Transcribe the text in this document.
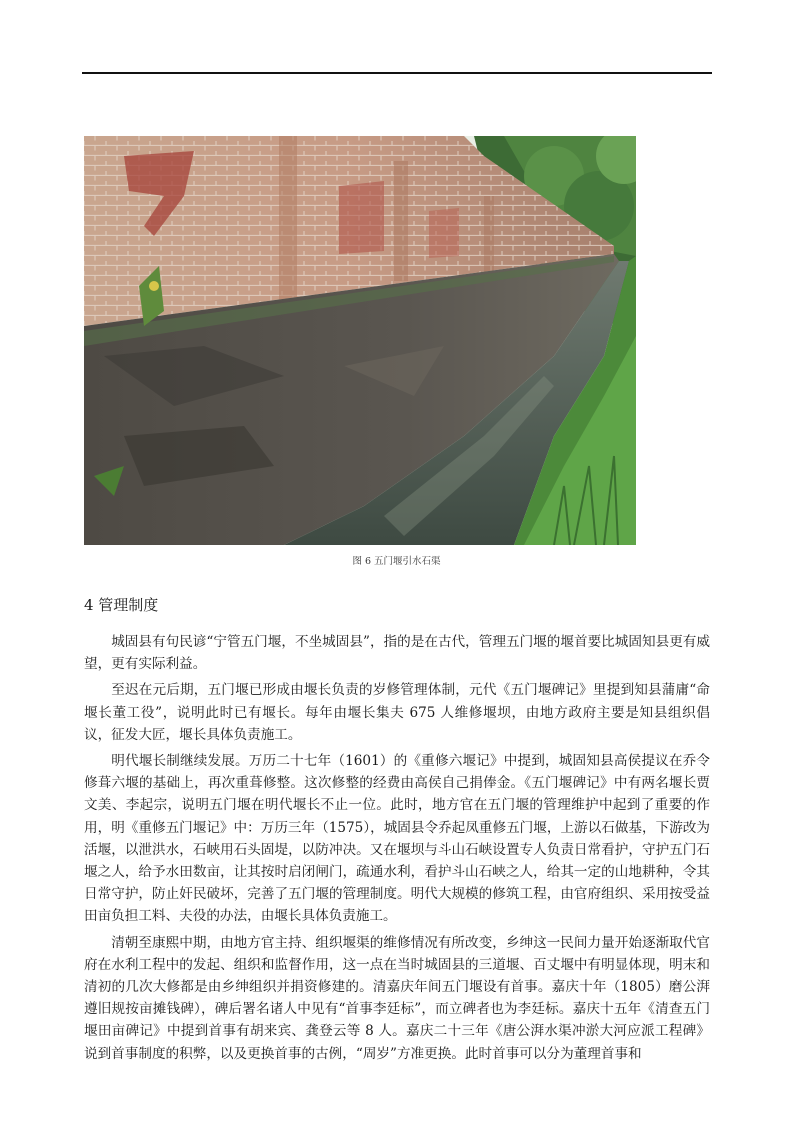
图 6 五门堰引水石渠
4 管理制度

城固县有句民谚“宁管五门堰，不坐城固县”，指的是在古代，管理五门堰的堰首要比城固知县更有威望，更有实际利益。

至迟在元后期，五门堰已形成由堰长负责的岁修管理体制，元代《五门堰碑记》里提到知县蒲庸“命堰长董工役”，说明此时已有堰长。每年由堰长集夫 675 人维修堰坝，由地方政府主要是知县组织倡议，征发大匠，堰长具体负责施工。

明代堰长制继续发展。万历二十七年（1601）的《重修六堰记》中提到，城固知县高侯提议在乔令修葺六堰的基础上，再次重葺修整。这次修整的经费由高侯自己捐俸金。《五门堰碑记》中有两名堰长贾文美、李起宗，说明五门堰在明代堰长不止一位。此时，地方官在五门堰的管理维护中起到了重要的作用，明《重修五门堰记》中：万历三年（1575），城固县令乔起凤重修五门堰，上游以石做基，下游改为活堰，以泄洪水，石峡用石头固堤，以防冲决。又在堰坝与斗山石峡设置专人负责日常看护，守护五门石堰之人，给予水田数亩，让其按时启闭闸门，疏通水利，看护斗山石峡之人，给其一定的山地耕种，令其日常守护，防止奸民破坏，完善了五门堰的管理制度。明代大规模的修筑工程，由官府组织、采用按受益田亩负担工料、夫役的办法，由堰长具体负责施工。

清朝至康熙中期，由地方官主持、组织堰渠的维修情况有所改变，乡绅这一民间力量开始逐渐取代官府在水利工程中的发起、组织和监督作用，这一点在当时城固县的三道堰、百丈堰中有明显体现，明末和清初的几次大修都是由乡绅组织并捐资修建的。清嘉庆年间五门堰设有首事。嘉庆十年（1805）磨公湃遵旧规按亩摊钱碑），碑后署名诸人中见有“首事李廷标”，而立碑者也为李廷标。嘉庆十五年《清查五门堰田亩碑记》中提到首事有胡来宾、龚登云等 8 人。嘉庆二十三年《唐公湃水渠冲淤大河应派工程碑》说到首事制度的积弊，以及更换首事的古例，“周岁”方准更换。此时首事可以分为董理首事和
